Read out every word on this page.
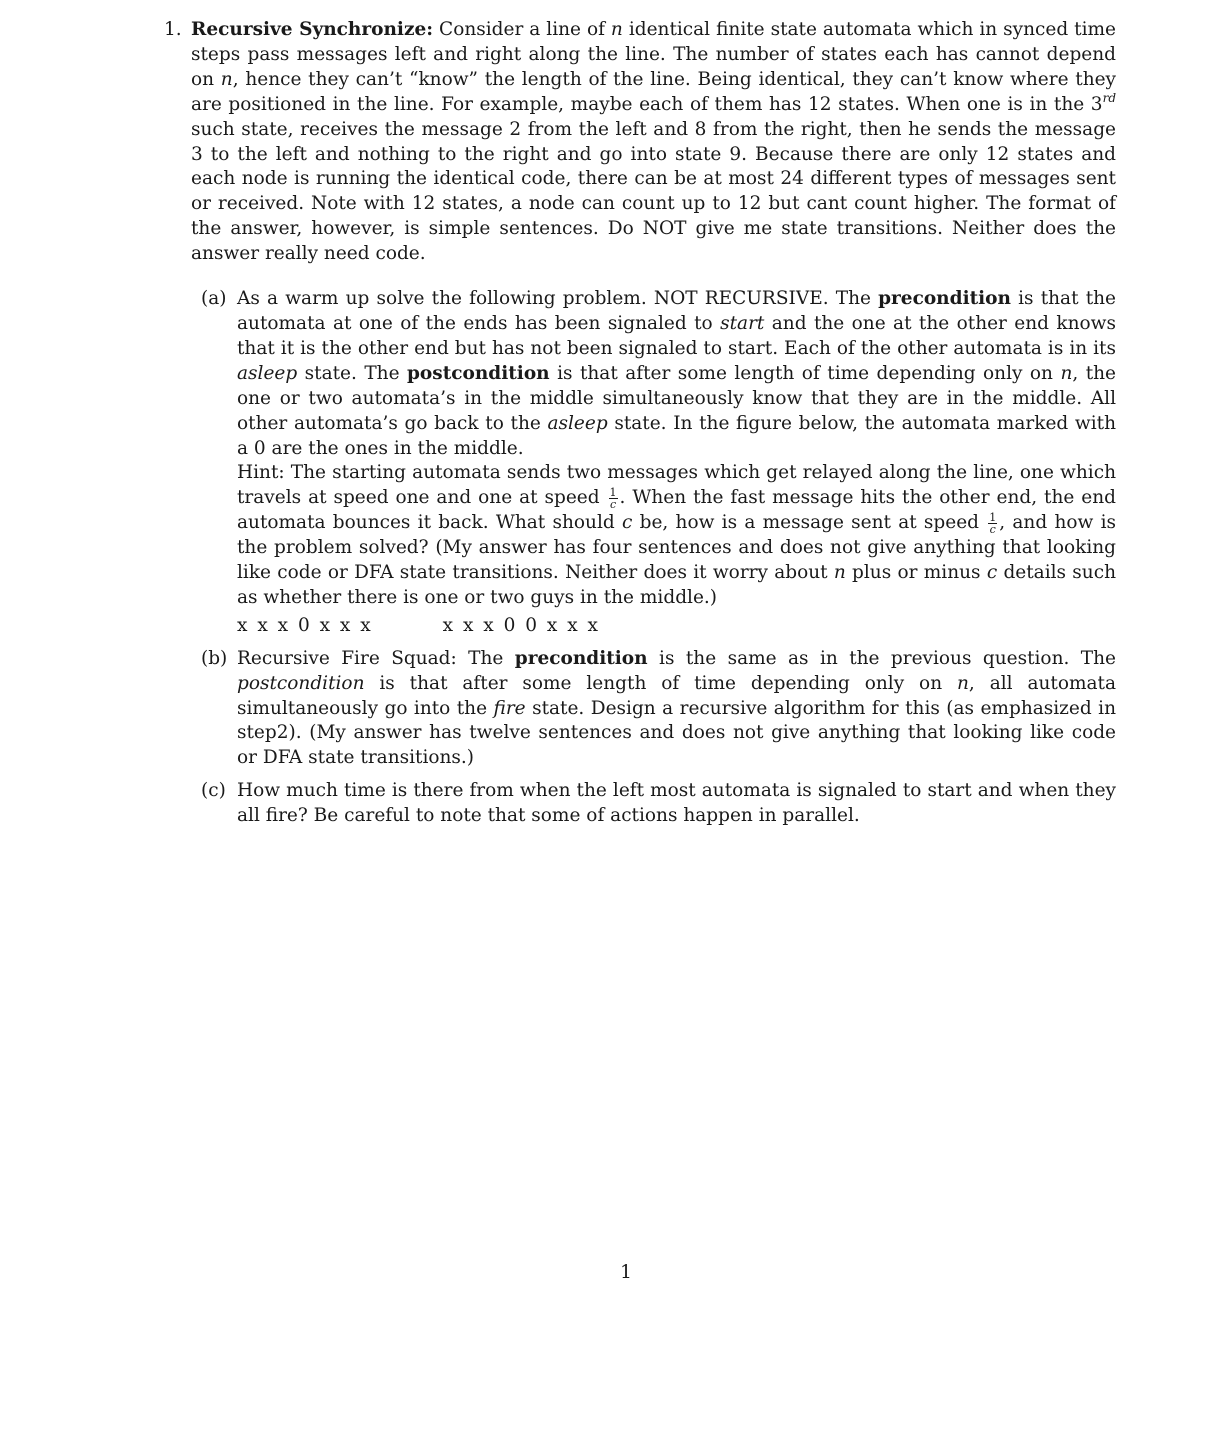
1. Recursive Synchronize: Consider a line of n identical finite state automata which in synced time steps pass messages left and right along the line. The number of states each has cannot depend on n, hence they can’t “know” the length of the line. Being identical, they can’t know where they are positioned in the line. For example, maybe each of them has 12 states. When one is in the 3rd such state, receives the message 2 from the left and 8 from the right, then he sends the message 3 to the left and nothing to the right and go into state 9. Because there are only 12 states and each node is running the identical code, there can be at most 24 different types of messages sent or received. Note with 12 states, a node can count up to 12 but cant count higher. The format of the answer, however, is simple sentences. Do NOT give me state transitions. Neither does the answer really need code.
(a) As a warm up solve the following problem. NOT RECURSIVE. The precondition is that the automata at one of the ends has been signaled to start and the one at the other end knows that it is the other end but has not been signaled to start. Each of the other automata is in its asleep state. The postcondition is that after some length of time depending only on n, the one or two automata’s in the middle simultaneously know that they are in the middle. All other automata’s go back to the asleep state. In the figure below, the automata marked with a 0 are the ones in the middle.
Hint: The starting automata sends two messages which get relayed along the line, one which travels at speed one and one at speed $\frac{1}{c}$ . When the fast message hits the other end, the end automata bounces it back. What should c be, how is a message sent at speed $\frac{1}{c}$ , and how is the problem solved? (My answer has four sentences and does not give anything that looking like code or DFA state transitions. Neither does it worry about n plus or minus c details such as whether there is one or two guys in the middle.)
x x x 0 x x x	x x x 0 0 x x x
(b) Recursive Fire Squad: The precondition is the same as in the previous question. The postcondition is that after some length of time depending only on n, all automata simultaneously go into the fire state. Design a recursive algorithm for this (as emphasized in step2). (My answer has twelve sentences and does not give anything that looking like code or DFA state transitions.)
(c) How much time is there from when the left most automata is signaled to start and when they all fire? Be careful to note that some of actions happen in parallel.
1
